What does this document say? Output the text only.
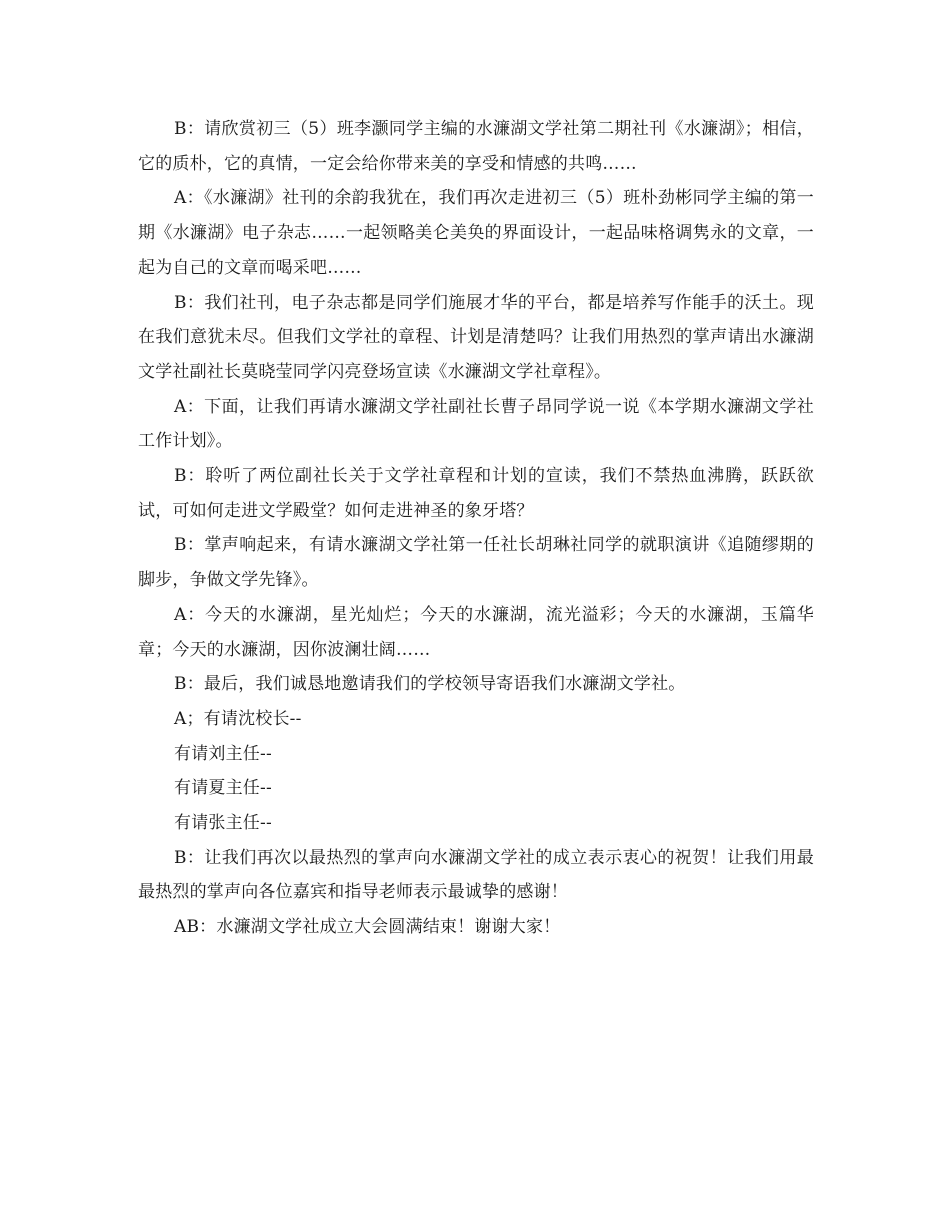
B：请欣赏初三（5）班李灏同学主编的水濂湖文学社第二期社刊《水濂湖》；相信，它的质朴，它的真情，一定会给你带来美的享受和情感的共鸣……

A：《水濂湖》社刊的余韵我犹在，我们再次走进初三（5）班朴劲彬同学主编的第一期《水濂湖》电子杂志……一起领略美仑美奂的界面设计，一起品味格调隽永的文章，一起为自己的文章而喝采吧……

B：我们社刊，电子杂志都是同学们施展才华的平台，都是培养写作能手的沃土。现在我们意犹未尽。但我们文学社的章程、计划是清楚吗？让我们用热烈的掌声请出水濂湖文学社副社长莫晓莹同学闪亮登场宣读《水濂湖文学社章程》。

A：下面，让我们再请水濂湖文学社副社长曹子昂同学说一说《本学期水濂湖文学社工作计划》。

B：聆听了两位副社长关于文学社章程和计划的宣读，我们不禁热血沸腾，跃跃欲试，可如何走进文学殿堂？如何走进神圣的象牙塔？

B：掌声响起来，有请水濂湖文学社第一任社长胡琳社同学的就职演讲《追随缪期的脚步，争做文学先锋》。

A：今天的水濂湖，星光灿烂；今天的水濂湖，流光溢彩；今天的水濂湖，玉篇华章；今天的水濂湖，因你波澜壮阔……

B：最后，我们诚恳地邀请我们的学校领导寄语我们水濂湖文学社。

A；有请沈校长--

有请刘主任--

有请夏主任--

有请张主任--

B：让我们再次以最热烈的掌声向水濂湖文学社的成立表示衷心的祝贺！让我们用最最热烈的掌声向各位嘉宾和指导老师表示最诚挚的感谢！

AB：水濂湖文学社成立大会圆满结束！谢谢大家！
